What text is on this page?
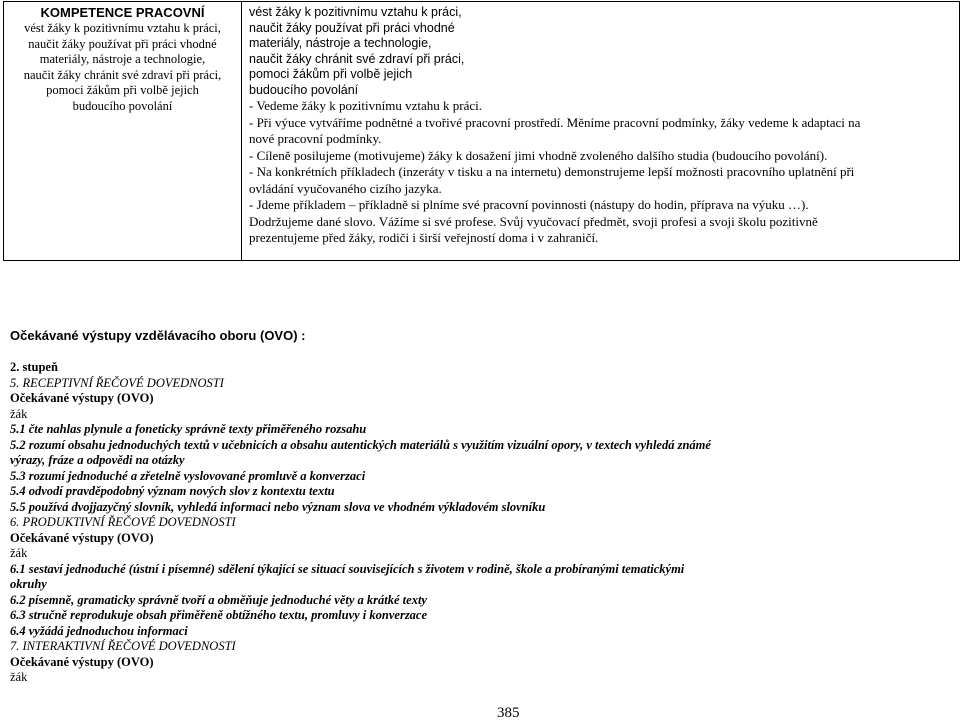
KOMPETENCE PRACOVNÍ
vést žáky k pozitivnímu vztahu k práci,
naučit žáky používat při práci vhodné
materiály, nástroje a technologie,
naučit žáky chránit své zdraví při práci,
pomoci žákům při volbě jejich
budoucího povolání
vést žáky k pozitivnímu vztahu k práci,
naučit žáky používat při práci vhodné
materiály, nástroje a technologie,
naučit žáky chránit své zdraví při práci,
pomoci žákům při volbě jejich
budoucího povolání
- Vedeme žáky k pozitivnímu vztahu k práci.
- Při výuce vytváříme podnětné a tvořivé pracovní prostředí. Měníme pracovní podmínky, žáky vedeme k adaptaci na
nové pracovní podmínky.
- Cíleně posilujeme (motivujeme) žáky k dosažení jimi vhodně zvoleného dalšího studia (budoucího povolání).
- Na konkrétních příkladech (inzeráty v tisku a na internetu) demonstrujeme lepší možnosti pracovního uplatnění při
ovládání vyučovaného cizího jazyka.
- Jdeme příkladem – příkladně si plníme své pracovní povinnosti (nástupy do hodin, příprava na výuku …).
Dodržujeme dané slovo. Vážíme si své profese. Svůj vyučovací předmět, svoji profesi a svoji školu pozitivně
prezentujeme před žáky, rodiči i širší veřejností doma i v zahraničí.
Očekávané výstupy vzdělávacího oboru (OVO) :
2. stupeň
5. RECEPTIVNÍ ŘEČOVÉ DOVEDNOSTI
Očekávané výstupy (OVO)
žák
5.1 čte nahlas plynule a foneticky správně texty přiměřeného rozsahu
5.2 rozumí obsahu jednoduchých textů v učebnicích a obsahu autentických materiálů s využitím vizuální opory, v textech vyhledá známé
výrazy, fráze a odpovědi na otázky
5.3 rozumí jednoduché a zřetelně vyslovované promluvě a konverzaci
5.4 odvodí pravděpodobný význam nových slov z kontextu textu
5.5 používá dvojjazyčný slovník, vyhledá informaci nebo význam slova ve vhodném výkladovém slovníku
6. PRODUKTIVNÍ ŘEČOVÉ DOVEDNOSTI
Očekávané výstupy (OVO)
žák
6.1 sestaví jednoduché (ústní i písemné) sdělení týkající se situací souvisejících s životem v rodině, škole a probíranými tematickými
okruhy
6.2 písemně, gramaticky správně tvoří a obměňuje jednoduché věty a krátké texty
6.3 stručně reprodukuje obsah přiměřeně obtížného textu, promluvy i konverzace
6.4 vyžádá jednoduchou informaci
7. INTERAKTIVNÍ ŘEČOVÉ DOVEDNOSTI
Očekávané výstupy (OVO)
žák
385
